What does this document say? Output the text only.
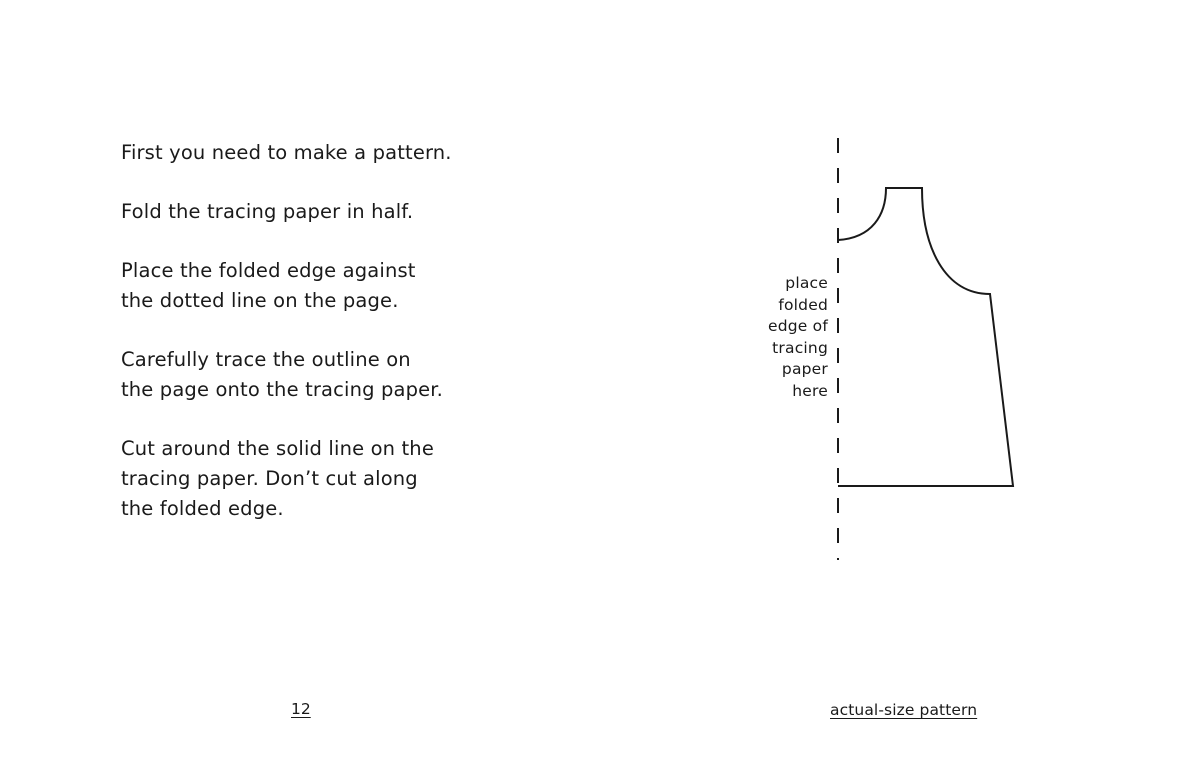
First you need to make a pattern.

Fold the tracing paper in half.

Place the folded edge against
the dotted line on the page.

Carefully trace the outline on
the page onto the tracing paper.

Cut around the solid line on the
tracing paper. Don’t cut along
the folded edge.

place
folded
edge of
tracing
paper
here
12	actual-size pattern
